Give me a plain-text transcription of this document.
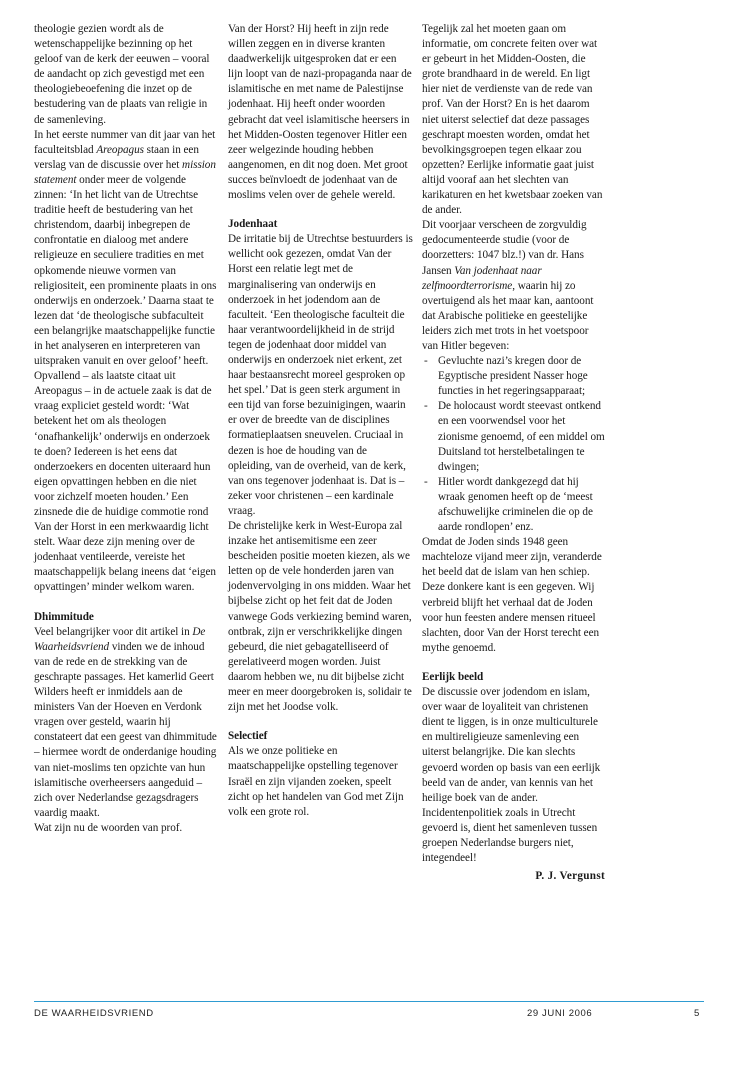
theologie gezien wordt als de wetenschappelijke bezinning op het geloof van de kerk der eeuwen – vooral de aandacht op zich gevestigd met een theologiebeoefening die inzet op de bestudering van de plaats van religie in de samenleving.

In het eerste nummer van dit jaar van het faculteitsblad Areopagus staan in een verslag van de discussie over het mission statement onder meer de volgende zinnen: ‘In het licht van de Utrechtse traditie heeft de bestudering van het christendom, daarbij inbegrepen de confrontatie en dialoog met andere religieuze en seculiere tradities en met opkomende nieuwe vormen van religiositeit, een prominente plaats in ons onderwijs en onderzoek.’ Daarna staat te lezen dat ‘de theologische subfaculteit een belangrijke maatschappelijke functie in het analyseren en interpreteren van uitspraken vanuit en over geloof’ heeft. Opvallend – als laatste citaat uit Areopagus – in de actuele zaak is dat de vraag expliciet gesteld wordt: ‘Wat betekent het om als theologen ‘onafhankelijk’ onderwijs en onderzoek te doen? Iedereen is het eens dat onderzoekers en docenten uiteraard hun eigen opvattingen hebben en die niet voor zichzelf moeten houden.’ Een zinsnede die de huidige commotie rond Van der Horst in een merkwaardig licht stelt. Waar deze zijn mening over de jodenhaat ventileerde, vereiste het maatschappelijk belang ineens dat ‘eigen opvattingen’ minder welkom waren.

Dhimmitude

Veel belangrijker voor dit artikel in De Waarheidsvriend vinden we de inhoud van de rede en de strekking van de geschrapte passages. Het kamerlid Geert Wilders heeft er inmiddels aan de ministers Van der Hoeven en Verdonk vragen over gesteld, waarin hij constateert dat een geest van dhimmitude – hiermee wordt de onderdanige houding van niet-moslims ten opzichte van hun islamitische overheersers aangeduid – zich over Nederlandse gezagsdragers vaardig maakt.

Wat zijn nu de woorden van prof.

Van der Horst? Hij heeft in zijn rede willen zeggen en in diverse kranten daadwerkelijk uitgesproken dat er een lijn loopt van de nazi-propaganda naar de islamitische en met name de Palestijnse jodenhaat. Hij heeft onder woorden gebracht dat veel islamitische heersers in het Midden-Oosten tegenover Hitler een zeer welgezinde houding hebben aangenomen, en dit nog doen. Met groot succes beïnvloedt de jodenhaat van de moslims velen over de gehele wereld.

Jodenhaat

De irritatie bij de Utrechtse bestuurders is wellicht ook gezezen, omdat Van der Horst een relatie legt met de marginalisering van onderwijs en onderzoek in het jodendom aan de faculteit. ‘Een theologische faculteit die haar verantwoordelijkheid in de strijd tegen de jodenhaat door middel van onderwijs en onderzoek niet erkent, zet haar bestaansrecht moreel gesproken op het spel.’ Dat is geen sterk argument in een tijd van forse bezuinigingen, waarin er over de breedte van de disciplines formatieplaatsen sneuvelen. Cruciaal in dezen is hoe de houding van de opleiding, van de overheid, van de kerk, van ons tegenover jodenhaat is. Dat is – zeker voor christenen – een kardinale vraag.

De christelijke kerk in West-Europa zal inzake het antisemitisme een zeer bescheiden positie moeten kiezen, als we letten op de vele honderden jaren van jodenvervolging in ons midden. Waar het bijbelse zicht op het feit dat de Joden vanwege Gods verkiezing bemind waren, ontbrak, zijn er verschrikkelijke dingen gebeurd, die niet gebagatelliseerd of gerelativeerd mogen worden. Juist daarom hebben we, nu dit bijbelse zicht meer en meer doorgebroken is, solidair te zijn met het Joodse volk.

Selectief

Als we onze politieke en maatschappelijke opstelling tegenover Israël en zijn vijanden zoeken, speelt zicht op het handelen van God met Zijn volk een grote rol.

Tegelijk zal het moeten gaan om informatie, om concrete feiten over wat er gebeurt in het Midden-Oosten, die grote brandhaard in de wereld. En ligt hier niet de verdienste van de rede van prof. Van der Horst? En is het daarom niet uiterst selectief dat deze passages geschrapt moesten worden, omdat het bevolkingsgroepen tegen elkaar zou opzetten? Eerlijke informatie gaat juist altijd vooraf aan het slechten van karikaturen en het kwetsbaar zoeken van de ander.

Dit voorjaar verscheen de zorgvuldig gedocumenteerde studie (voor de doorzetters: 1047 blz.!) van dr. Hans Jansen Van jodenhaat naar zelfmoordterrorisme, waarin hij zo overtuigend als het maar kan, aantoont dat Arabische politieke en geestelijke leiders zich met trots in het voetspoor van Hitler begeven:

- Gevluchte nazi’s kregen door de Egyptische president Nasser hoge functies in het regeringsapparaat;
- De holocaust wordt steevast ontkend en een voorwendsel voor het zionisme genoemd, of een middel om Duitsland tot herstelbetalingen te dwingen;
- Hitler wordt dankgezegd dat hij wraak genomen heeft op de ‘meest afschuwelijke criminelen die op de aarde rondlopen’ enz.

Omdat de Joden sinds 1948 geen machteloze vijand meer zijn, veranderde het beeld dat de islam van hen schiep. Deze donkere kant is een gegeven. Wij verbreid blijft het verhaal dat de Joden voor hun feesten andere mensen ritueel slachten, door Van der Horst terecht een mythe genoemd.

Eerlijk beeld

De discussie over jodendom en islam, over waar de loyaliteit van christenen dient te liggen, is in onze multiculturele en multireligieuze samenleving een uiterst belangrijke. Die kan slechts gevoerd worden op basis van een eerlijk beeld van de ander, van kennis van het heilige boek van de ander. Incidentenpolitiek zoals in Utrecht gevoerd is, dient het samenleven tussen groepen Nederlandse burgers niet, integendeel!

P. J. Vergunst
DE WAARHEIDSVRIEND	29 JUNI 2006	5
